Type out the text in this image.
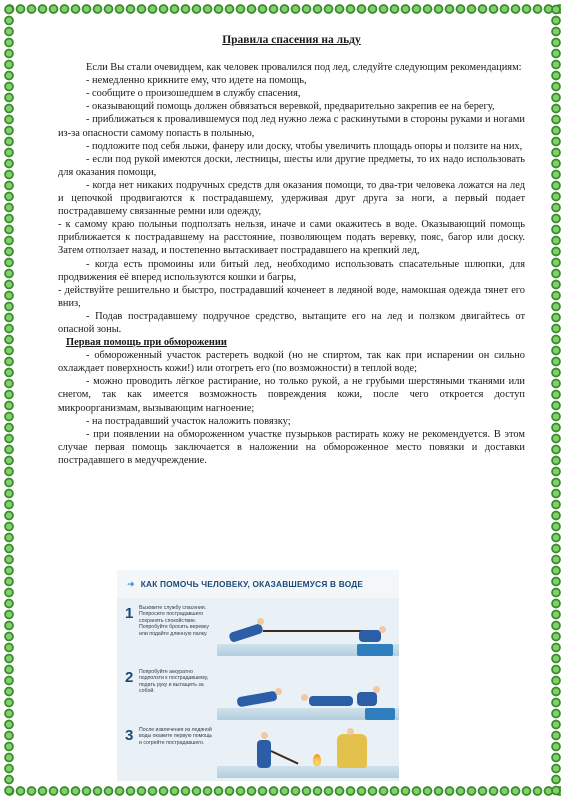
Правила спасения на льду

Если Вы стали очевидцем, как человек провалился под лед, следуйте следующим рекомендациям:

- немедленно крикните ему, что идете на помощь,

- сообщите о произошедшем в службу спасения,

- оказывающий помощь должен обвязаться веревкой, предварительно закрепив ее на берегу,

- приближаться к провалившемуся под лед нужно лежа с раскинутыми в стороны руками и ногами из-за опасности самому попасть в полынью,

- подложите под себя лыжи, фанеру или доску, чтобы увеличить площадь опоры и ползите на них,

- если под рукой имеются доски, лестницы, шесты или другие предметы, то их надо использовать для оказания помощи,

- когда нет никаких подручных средств для оказания помощи, то два-три человека ложатся на лед и цепочкой продвигаются к пострадавшему, удерживая друг друга за ноги, а первый подает пострадавшему связанные ремни или одежду,

- к самому краю полыньи подползать нельзя, иначе и сами окажитесь в воде. Оказывающий помощь приближается к пострадавшему на расстояние, позволяющем подать веревку, пояс, багор или доску. Затем отползает назад, и постепенно вытаскивает пострадавшего на крепкий лед,

- когда есть промоины или битый лед, необходимо использовать спасательные шлюпки, для продвижения её вперед используются кошки и багры,

- действуйте решительно и быстро, пострадавший коченеет в ледяной воде, намокшая одежда тянет его вниз,

- Подав пострадавшему подручное средство, вытащите его на лед и ползком двигайтесь от опасной зоны.

Первая помощь при обморожении

- обмороженный участок растереть водкой (но не спиртом, так как при испарении он сильно охлаждает поверхность кожи!) или отогреть его (по возможности) в теплой воде;

- можно проводить лёгкое растирание, но только рукой, а не грубыми шерстяными тканями или снегом, так как имеется возможность повреждения кожи, после чего откроется доступ микроорганизмам, вызывающим нагноение;

- на пострадавший участок наложить повязку;

- при появлении на обмороженном участке пузырьков растирать кожу не рекомендуется. В этом случае первая помощь заключается в наложении на обмороженное место повязки и доставки пострадавшего в медучреждение.

➜ КАК ПОМОЧЬ ЧЕЛОВЕКУ, ОКАЗАВШЕМУСЯ В ВОДЕ
1 Вызовите службу спасения. Попросите пострадавшего сохранять спокойствие. Попробуйте бросить веревку или подайте длинную палку.
2 Попробуйте аккуратно подползти к пострадавшему, подать руку и вытащить за собой.
3 После извлечения из ледяной воды окажите первую помощь и согрейте пострадавшего.
